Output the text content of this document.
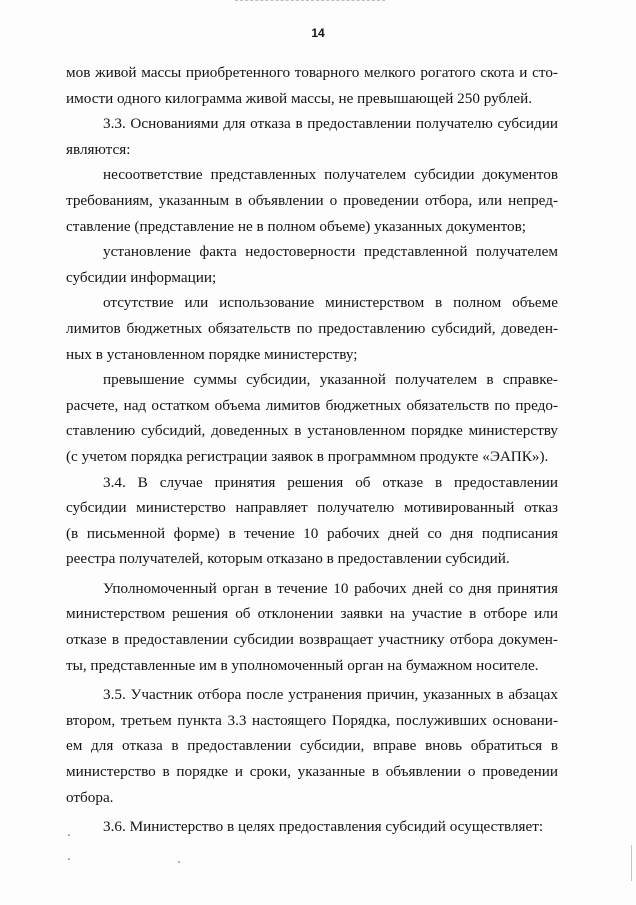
14
мов живой массы приобретенного товарного мелкого рогатого скота и сто-
имости одного килограмма живой массы, не превышающей 250 рублей.
3.3. Основаниями для отказа в предоставлении получателю субсидии
являются:
несоответствие представленных получателем субсидии документов
требованиям, указанным в объявлении о проведении отбора, или непред-
ставление (представление не в полном объеме) указанных документов;
установление факта недостоверности представленной получателем
субсидии информации;
отсутствие или использование министерством в полном объеме
лимитов бюджетных обязательств по предоставлению субсидий, доведен-
ных в установленном порядке министерству;
превышение суммы субсидии, указанной получателем в справке-
расчете, над остатком объема лимитов бюджетных обязательств по предо-
ставлению субсидий, доведенных в установленном порядке министерству
(с учетом порядка регистрации заявок в программном продукте «ЭАПК»).
3.4. В случае принятия решения об отказе в предоставлении
субсидии министерство направляет получателю мотивированный отказ
(в письменной форме) в течение 10 рабочих дней со дня подписания
реестра получателей, которым отказано в предоставлении субсидий.
Уполномоченный орган в течение 10 рабочих дней со дня принятия
министерством решения об отклонении заявки на участие в отборе или
отказе в предоставлении субсидии возвращает участнику отбора докумен-
ты, представленные им в уполномоченный орган на бумажном носителе.
3.5. Участник отбора после устранения причин, указанных в абзацах
втором, третьем пункта 3.3 настоящего Порядка, послуживших основани-
ем для отказа в предоставлении субсидии, вправе вновь обратиться в
министерство в порядке и сроки, указанные в объявлении о проведении
отбора.
3.6. Министерство в целях предоставления субсидий осуществляет:
